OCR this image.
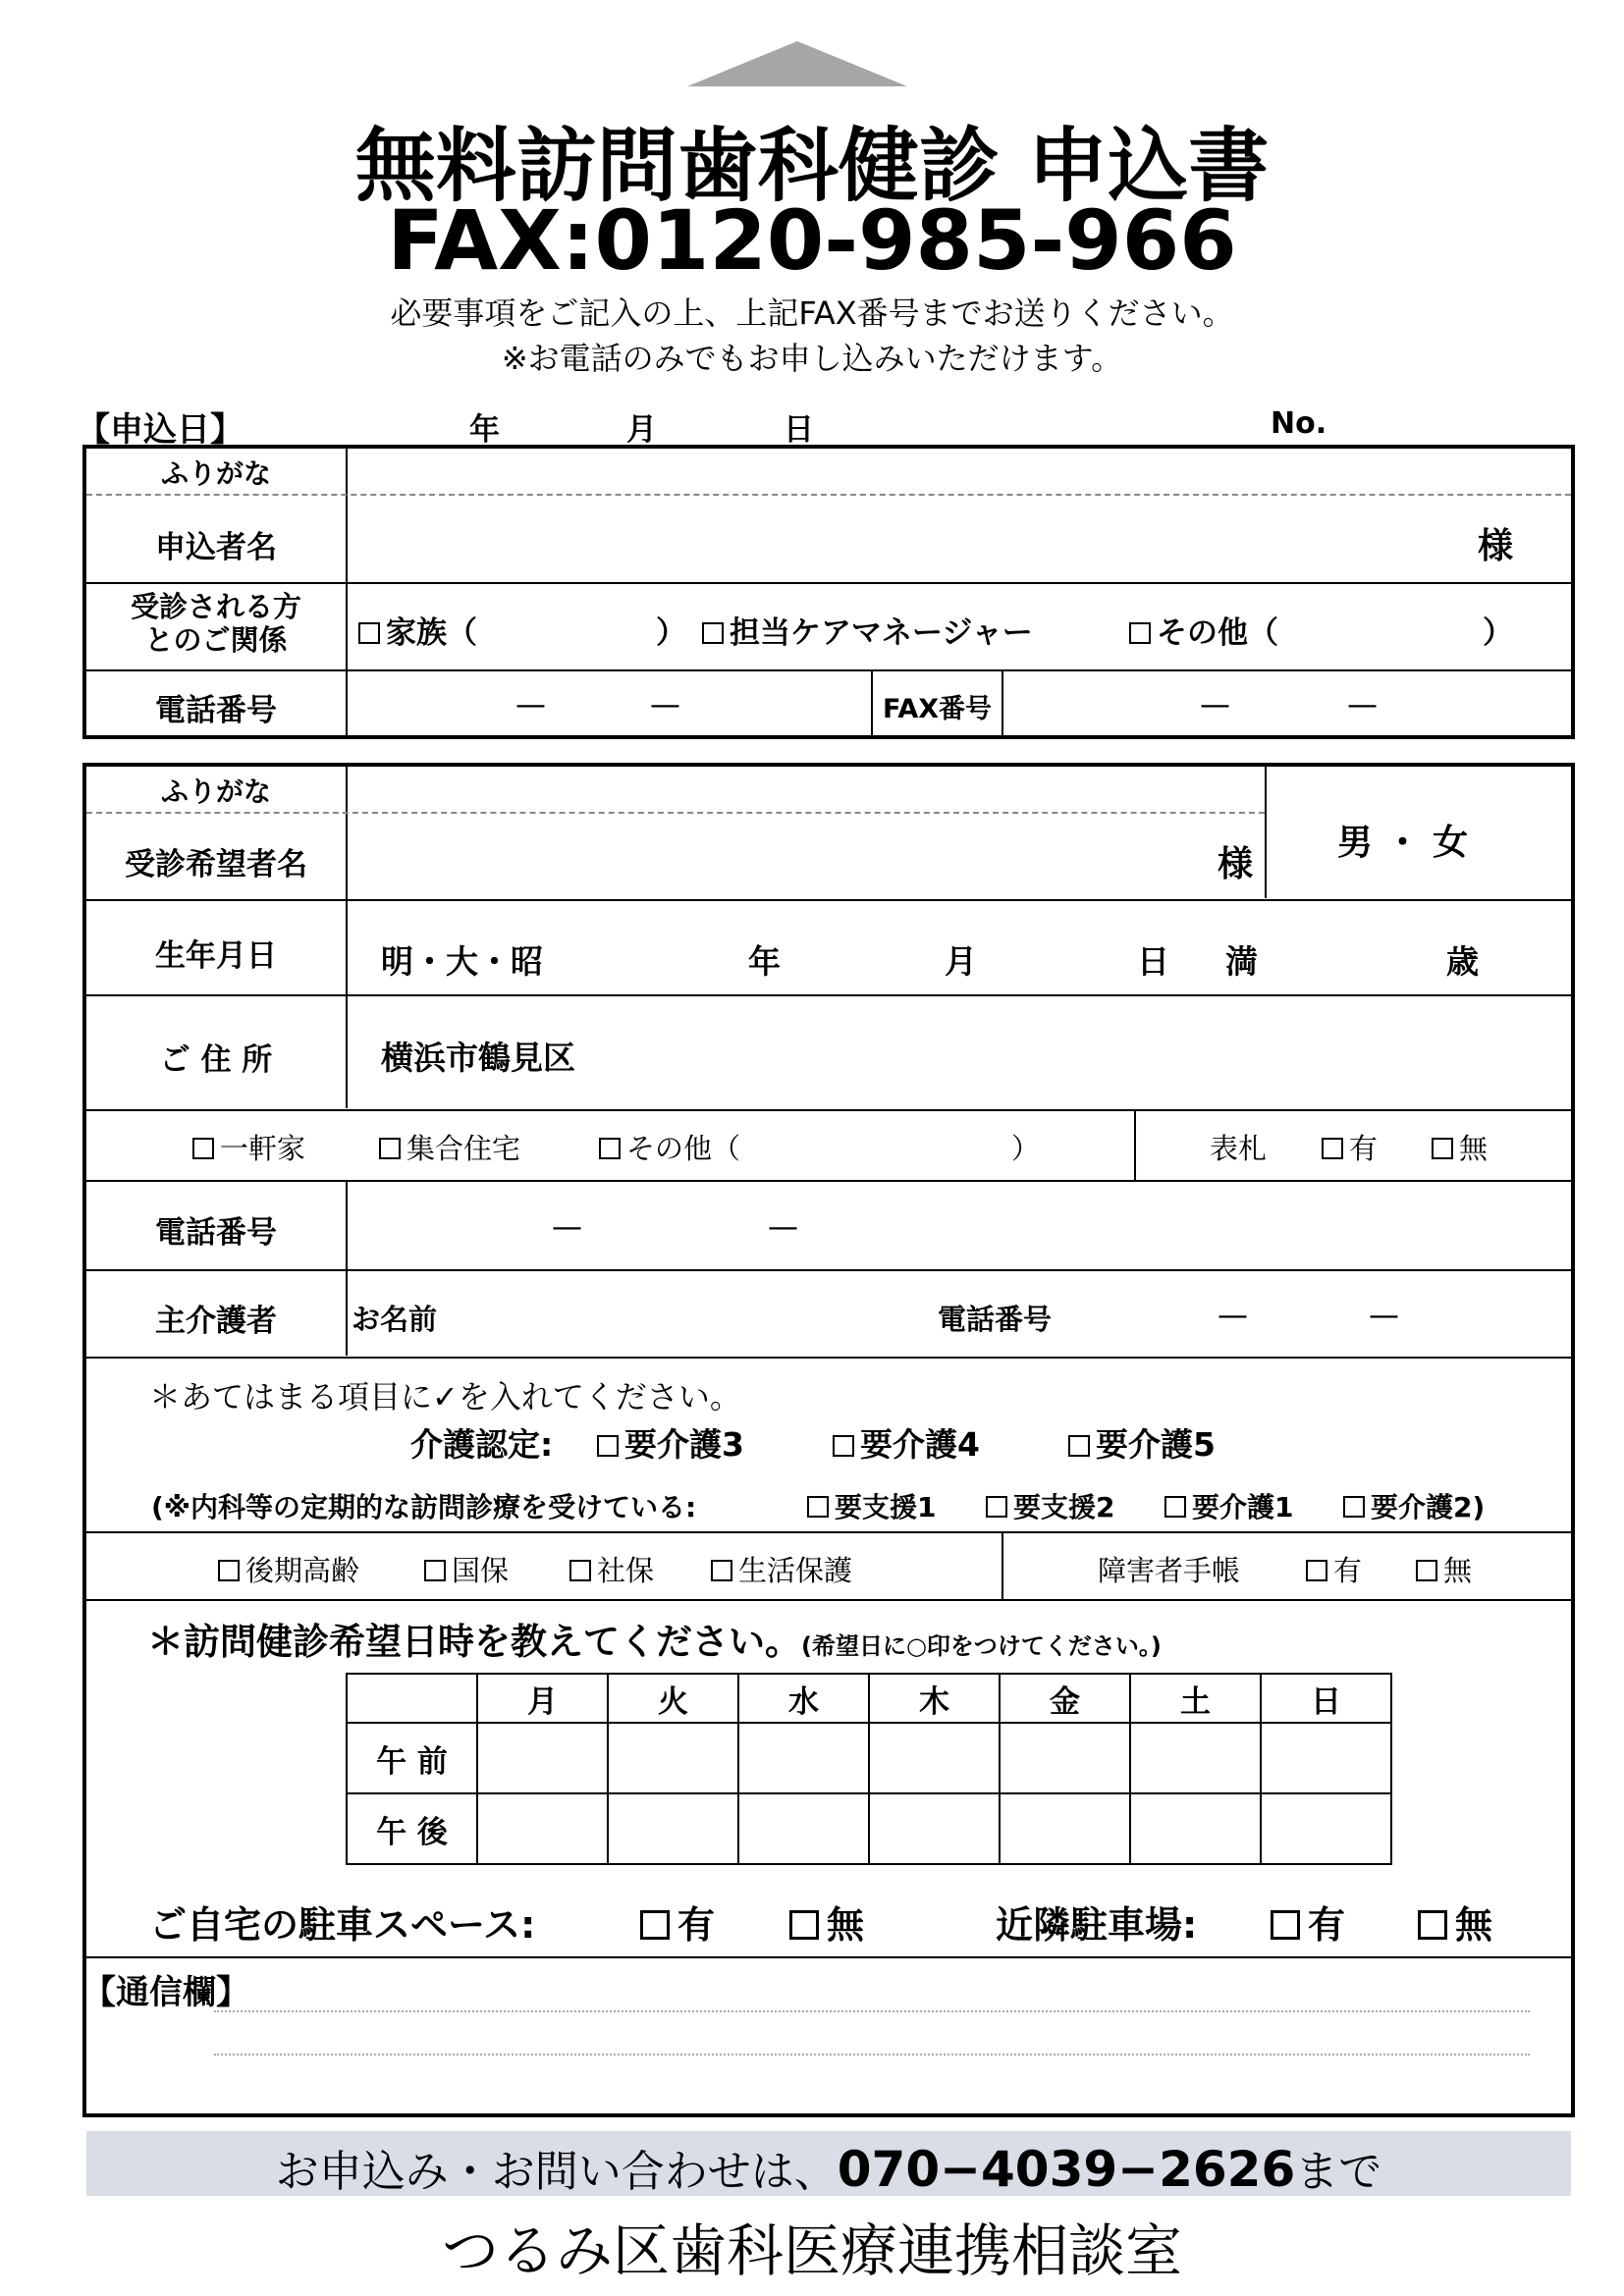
無料訪問歯科健診 申込書
FAX:0120-985-966
必要事項をご記入の上、上記FAX番号までお送りください。
※お電話のみでもお申し込みいただけます。
【申込日】	年	月	日	No.
ふりがな
申込者名	様
受診される方
とのご関係	家族（	）	担当ケアマネージャー	その他（	）
電話番号	—	—	FAX番号	—	—
ふりがな
受診希望者名	様
男 ・ 女
生年月日	明・大・昭	年	月	日 満	歳
ご 住 所	横浜市鶴見区
一軒家	集合住宅	その他（	）	表札	有	無
電話番号	—	—
主介護者	お名前	電話番号	—	—
＊あてはまる項目に✓を入れてください。
介護認定:	要介護3	要介護4	要介護5
(※内科等の定期的な訪問診療を受けている:	要支援1	要支援2	要介護1	要介護2)
後期高齢	国保	社保	生活保護	障害者手帳	有	無
＊訪問健診希望日時を教えてください。(希望日に○印をつけてください。)
	月	火	水	木	金	土	日
午 前							
午 後							
ご自宅の駐車スペース:	有	無	近隣駐車場:	有	無
【通信欄】
お申込み・お問い合わせは、070−4039−2626まで
つるみ区歯科医療連携相談室
